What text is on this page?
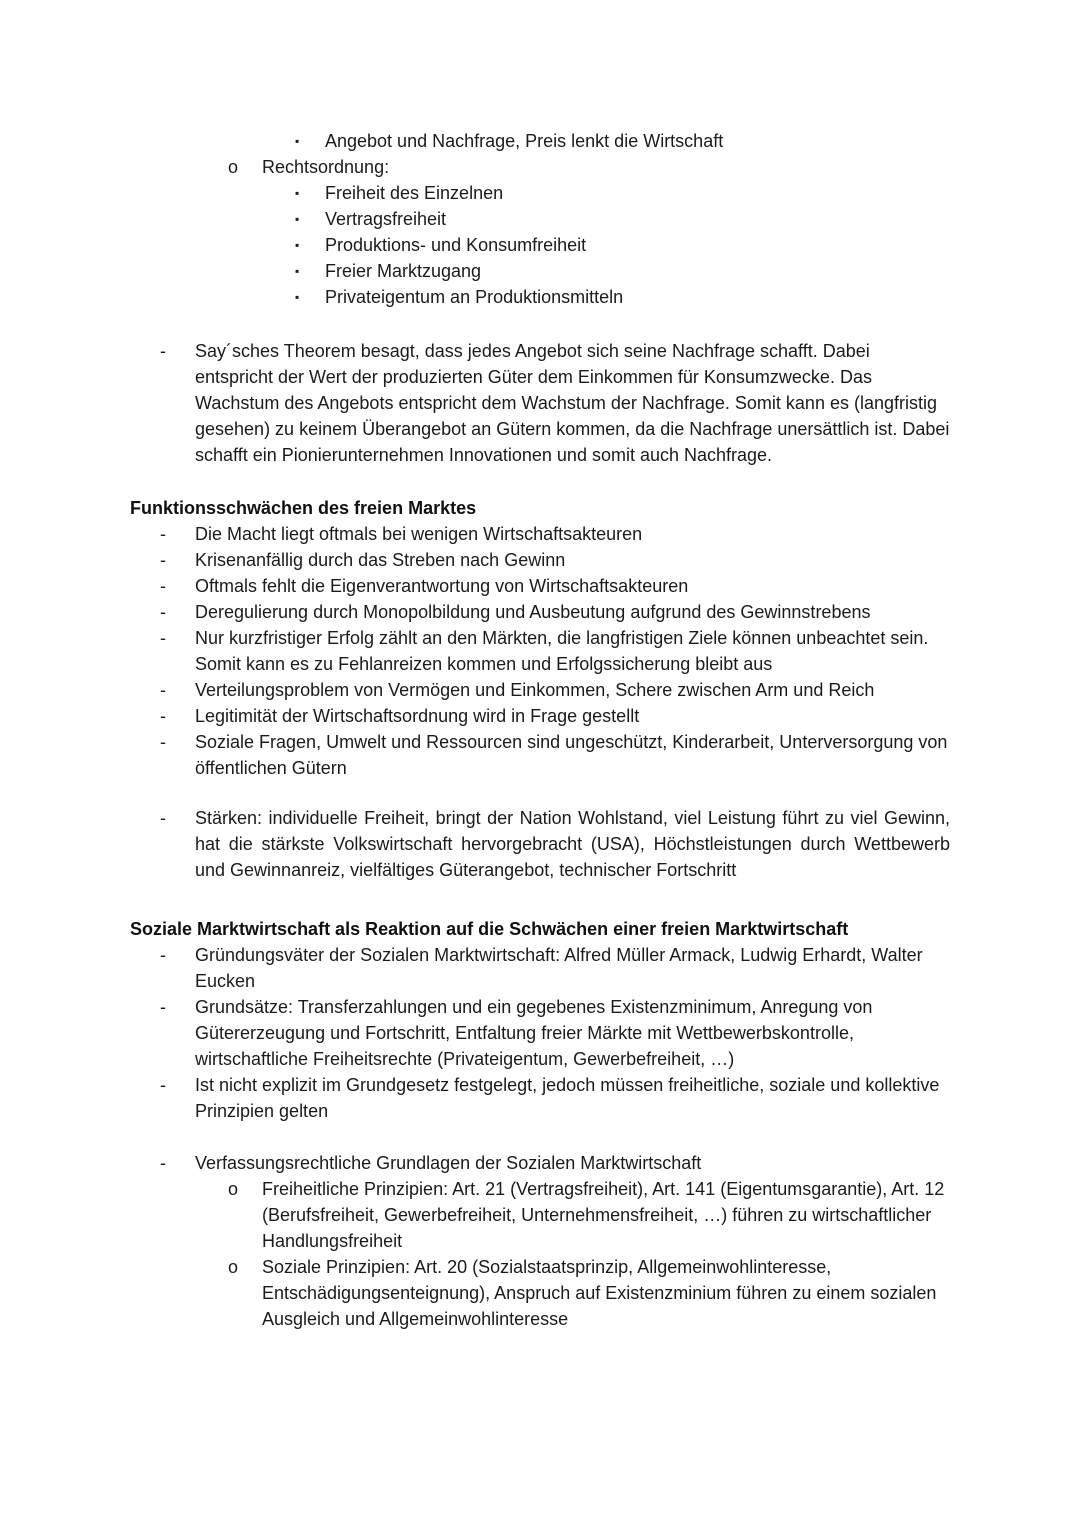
▪ Angebot und Nachfrage, Preis lenkt die Wirtschaft
o Rechtsordnung:
▪ Freiheit des Einzelnen
▪ Vertragsfreiheit
▪ Produktions- und Konsumfreiheit
▪ Freier Marktzugang
▪ Privateigentum an Produktionsmitteln
- Say´sches Theorem besagt, dass jedes Angebot sich seine Nachfrage schafft. Dabei entspricht der Wert der produzierten Güter dem Einkommen für Konsumzwecke. Das Wachstum des Angebots entspricht dem Wachstum der Nachfrage. Somit kann es (langfristig gesehen) zu keinem Überangebot an Gütern kommen, da die Nachfrage unersättlich ist. Dabei schafft ein Pionierunternehmen Innovationen und somit auch Nachfrage.
Funktionsschwächen des freien Marktes
- Die Macht liegt oftmals bei wenigen Wirtschaftsakteuren
- Krisenanfällig durch das Streben nach Gewinn
- Oftmals fehlt die Eigenverantwortung von Wirtschaftsakteuren
- Deregulierung durch Monopolbildung und Ausbeutung aufgrund des Gewinnstrebens
- Nur kurzfristiger Erfolg zählt an den Märkten, die langfristigen Ziele können unbeachtet sein. Somit kann es zu Fehlanreizen kommen und Erfolgssicherung bleibt aus
- Verteilungsproblem von Vermögen und Einkommen, Schere zwischen Arm und Reich
- Legitimität der Wirtschaftsordnung wird in Frage gestellt
- Soziale Fragen, Umwelt und Ressourcen sind ungeschützt, Kinderarbeit, Unterversorgung von öffentlichen Gütern
- Stärken: individuelle Freiheit, bringt der Nation Wohlstand, viel Leistung führt zu viel Gewinn, hat die stärkste Volkswirtschaft hervorgebracht (USA), Höchstleistungen durch Wettbewerb und Gewinnanreiz, vielfältiges Güterangebot, technischer Fortschritt
Soziale Marktwirtschaft als Reaktion auf die Schwächen einer freien Marktwirtschaft
- Gründungsväter der Sozialen Marktwirtschaft: Alfred Müller Armack, Ludwig Erhardt, Walter Eucken
- Grundsätze: Transferzahlungen und ein gegebenes Existenzminimum, Anregung von Gütererzeugung und Fortschritt, Entfaltung freier Märkte mit Wettbewerbskontrolle, wirtschaftliche Freiheitsrechte (Privateigentum, Gewerbefreiheit, …)
- Ist nicht explizit im Grundgesetz festgelegt, jedoch müssen freiheitliche, soziale und kollektive Prinzipien gelten
- Verfassungsrechtliche Grundlagen der Sozialen Marktwirtschaft
o Freiheitliche Prinzipien: Art. 21 (Vertragsfreiheit), Art. 141 (Eigentumsgarantie), Art. 12 (Berufsfreiheit, Gewerbefreiheit, Unternehmensfreiheit, …) führen zu wirtschaftlicher Handlungsfreiheit
o Soziale Prinzipien: Art. 20 (Sozialstaatsprinzip, Allgemeinwohlinteresse, Entschädigungsenteignung), Anspruch auf Existenzminium führen zu einem sozialen Ausgleich und Allgemeinwohlinteresse
